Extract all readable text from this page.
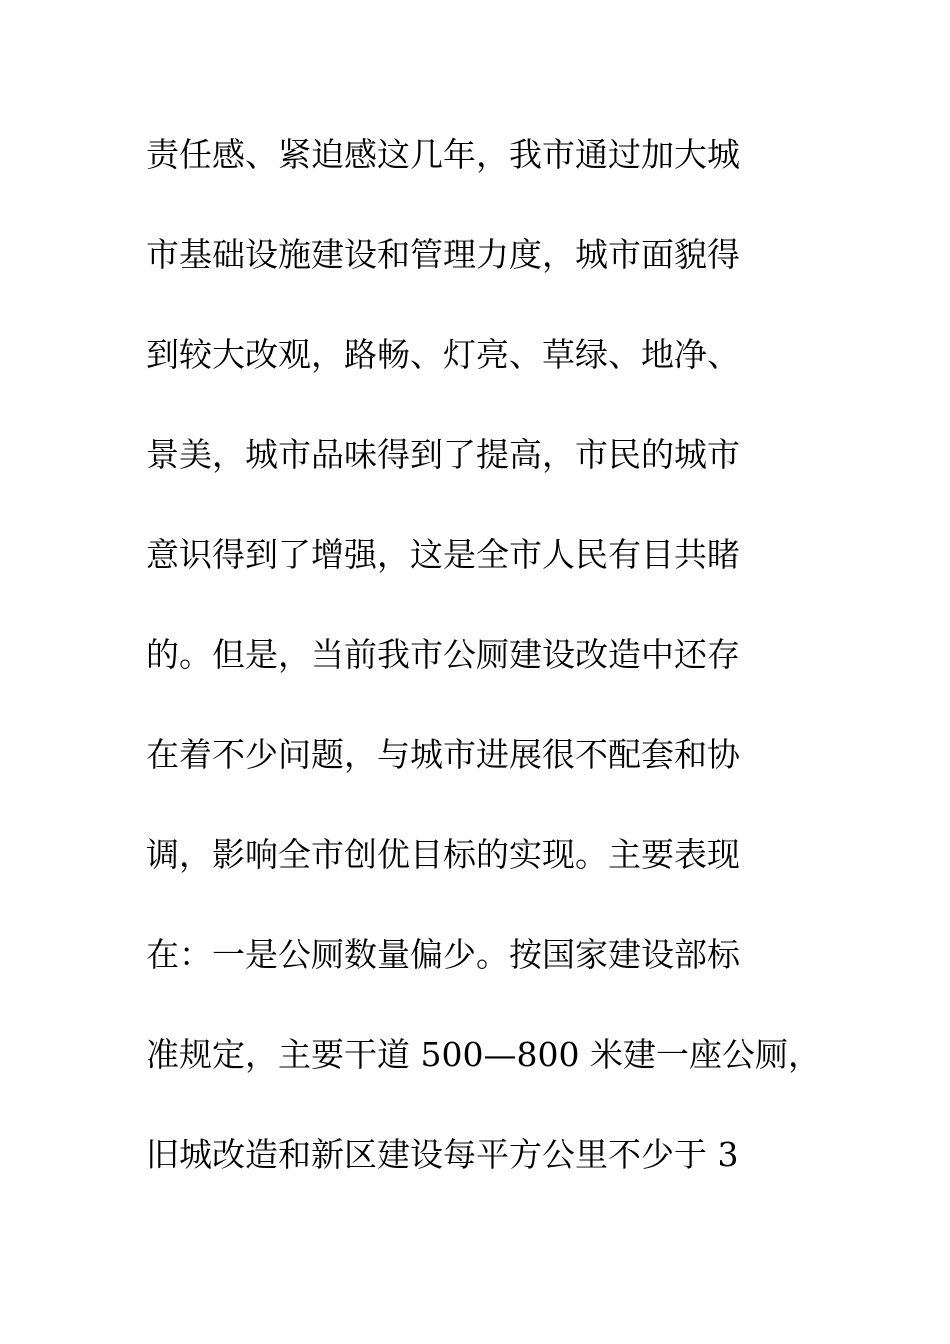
责任感、紧迫感这几年，我市通过加大城
市基础设施建设和管理力度，城市面貌得
到较大改观，路畅、灯亮、草绿、地净、
景美，城市品味得到了提高，市民的城市
意识得到了增强，这是全市人民有目共睹
的。但是，当前我市公厕建设改造中还存
在着不少问题，与城市进展很不配套和协
调，影响全市创优目标的实现。主要表现
在：一是公厕数量偏少。按国家建设部标
准规定，主要干道 500—800 米建一座公厕，
旧城改造和新区建设每平方公里不少于 3
